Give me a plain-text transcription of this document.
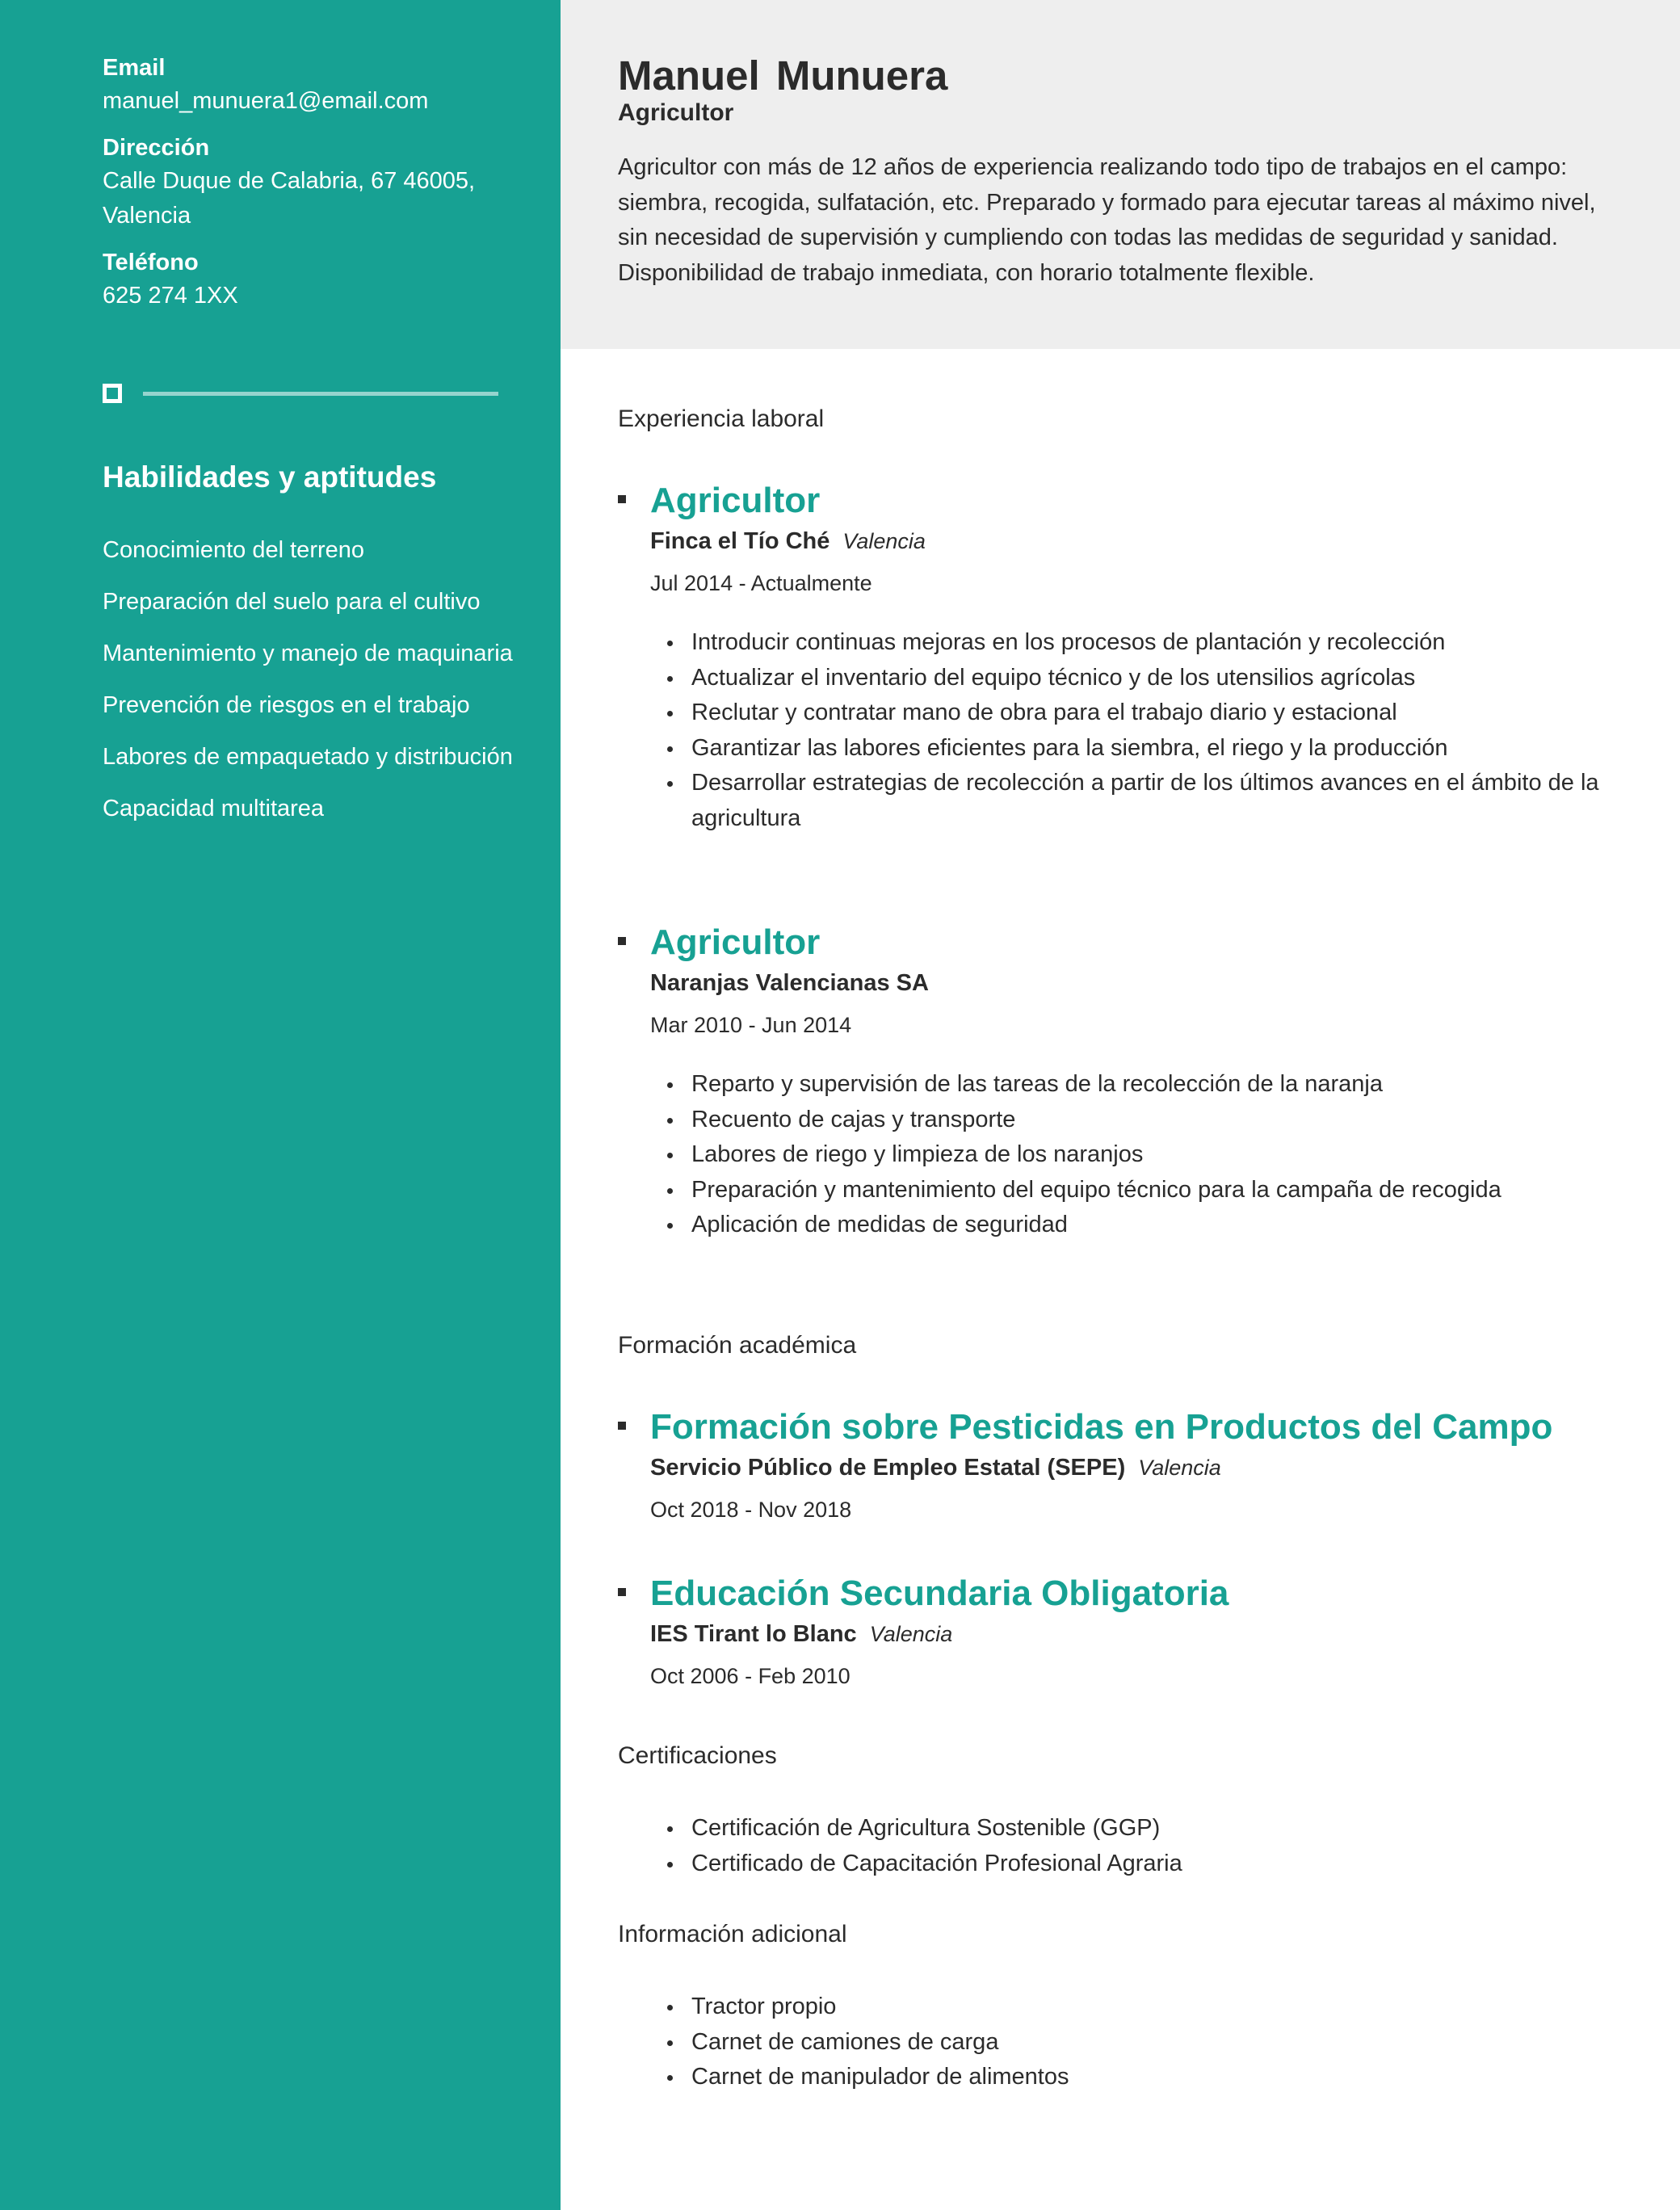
Email
manuel_munuera1@email.com
Dirección
Calle Duque de Calabria, 67 46005,
Valencia
Teléfono
625 274 1XX
Habilidades y aptitudes
Conocimiento del terreno
Preparación del suelo para el cultivo
Mantenimiento y manejo de maquinaria
Prevención de riesgos en el trabajo
Labores de empaquetado y distribución
Capacidad multitarea
Manuel Munuera
Agricultor
Agricultor con más de 12 años de experiencia realizando todo tipo de trabajos en el campo: siembra, recogida, sulfatación, etc. Preparado y formado para ejecutar tareas al máximo nivel, sin necesidad de supervisión y cumpliendo con todas las medidas de seguridad y sanidad. Disponibilidad de trabajo inmediata, con horario totalmente flexible.
Experiencia laboral
Agricultor
Finca el Tío Ché Valencia
Jul 2014 - Actualmente
Introducir continuas mejoras en los procesos de plantación y recolección
Actualizar el inventario del equipo técnico y de los utensilios agrícolas
Reclutar y contratar mano de obra para el trabajo diario y estacional
Garantizar las labores eficientes para la siembra, el riego y la producción
Desarrollar estrategias de recolección a partir de los últimos avances en el ámbito de la agricultura
Agricultor
Naranjas Valencianas SA
Mar 2010 - Jun 2014
Reparto y supervisión de las tareas de la recolección de la naranja
Recuento de cajas y transporte
Labores de riego y limpieza de los naranjos
Preparación y mantenimiento del equipo técnico para la campaña de recogida
Aplicación de medidas de seguridad
Formación académica
Formación sobre Pesticidas en Productos del Campo
Servicio Público de Empleo Estatal (SEPE) Valencia
Oct 2018 - Nov 2018
Educación Secundaria Obligatoria
IES Tirant lo Blanc Valencia
Oct 2006 - Feb 2010
Certificaciones
Certificación de Agricultura Sostenible (GGP)
Certificado de Capacitación Profesional Agraria
Información adicional
Tractor propio
Carnet de camiones de carga
Carnet de manipulador de alimentos
